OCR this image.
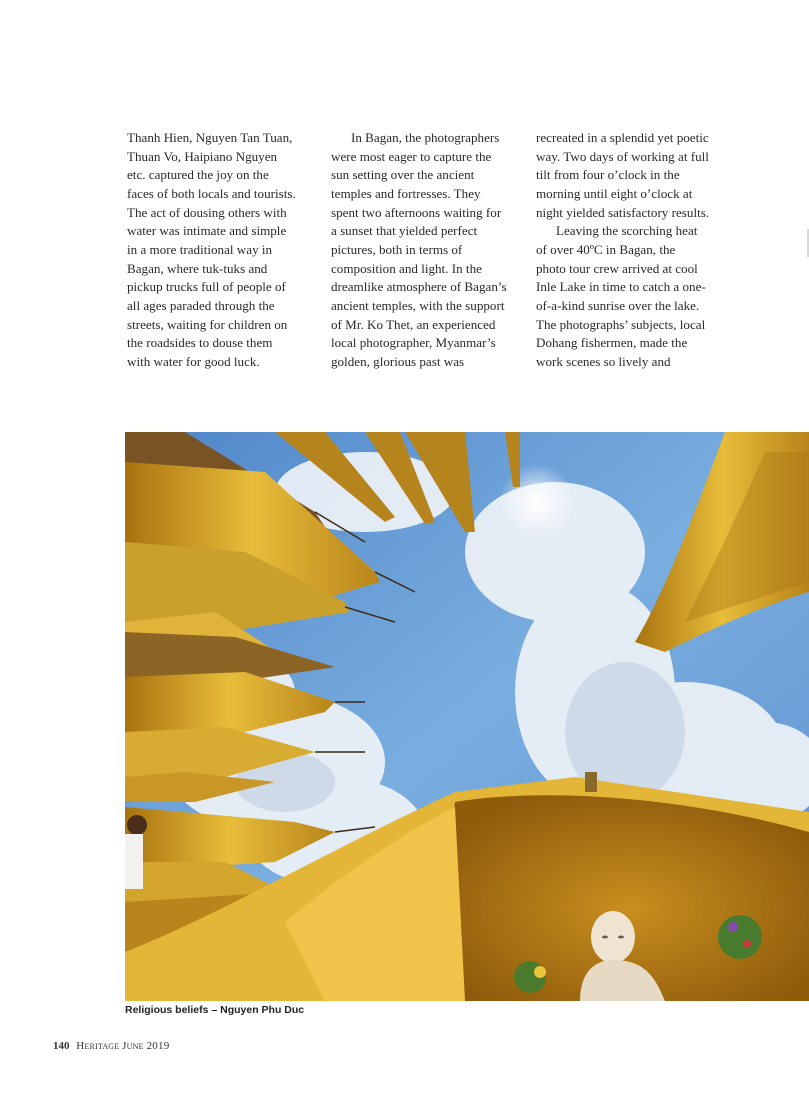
Thanh Hien, Nguyen Tan Tuan,
Thuan Vo, Haipiano Nguyen
etc. captured the joy on the
faces of both locals and tourists.
The act of dousing others with
water was intimate and simple
in a more traditional way in
Bagan, where tuk-tuks and
pickup trucks full of people of
all ages paraded through the
streets, waiting for children on
the roadsides to douse them
with water for good luck.

In Bagan, the photographers
were most eager to capture the
sun setting over the ancient
temples and fortresses. They
spent two afternoons waiting for
a sunset that yielded perfect
pictures, both in terms of
composition and light. In the
dreamlike atmosphere of Bagan’s
ancient temples, with the support
of Mr. Ko Thet, an experienced
local photographer, Myanmar’s
golden, glorious past was

recreated in a splendid yet poetic
way. Two days of working at full
tilt from four o’clock in the
morning until eight o’clock at
night yielded satisfactory results.

Leaving the scorching heat
of over 40ºC in Bagan, the
photo tour crew arrived at cool
Inle Lake in time to catch a one-
of-a-kind sunrise over the lake.
The photographs’ subjects, local
Dohang fishermen, made the
work scenes so lively and

Religious beliefs – Nguyen Phu Duc
140 Heritage June 2019
